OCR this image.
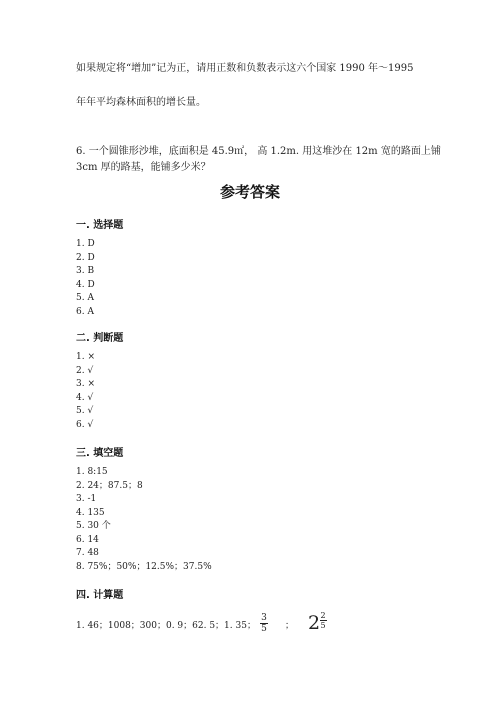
如果规定将“增加”记为正，请用正数和负数表示这六个国家 1990 年～1995
年年平均森林面积的增长量。
6. 一个圆锥形沙堆，底面积是 45.9㎡， 高 1.2m. 用这堆沙在 12m 宽的路面上铺
3cm 厚的路基，能铺多少米？
参考答案
一. 选择题
1. D
2. D
3. B
4. D
5. A
6. A
二. 判断题
1. ×
2. √
3. ×
4. √
5. √
6. √
三. 填空题
1. 8:15
2. 24；87.5；8
3. -1
4. 135
5. 30 个
6. 14
7. 48
8. 75%；50%；12.5%；37.5%
四. 计算题
1. 46；1008；300；0. 9；62. 5；1. 35；
3
5 ； 2 2
5
